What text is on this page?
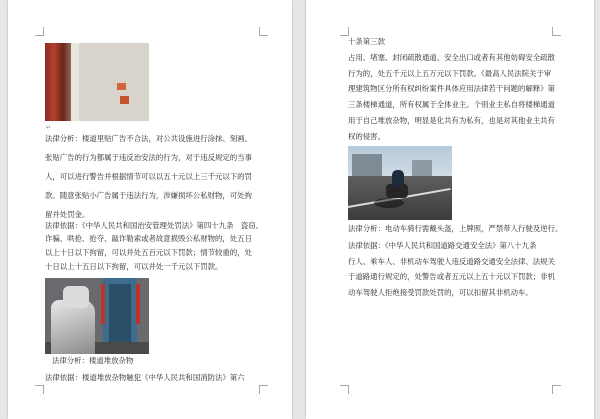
↵
法律分析：楼道里贴广告不合法，对公共设施进行涂抹、刻画、
张贴广告的行为都属于违反治安法的行为，对于违反规定的当事
人，可以进行警告并根据情节可以以五十元以上三千元以下的罚
款。随意张贴小广告属于违法行为，涉嫌损坏公私财物，可处拘
留并处罚金。
法律依据：《中华人民共和国治安管理处罚法》第四十九条　盗窃、
诈骗、哄抢、抢夺、敲诈勒索或者故意损毁公私财物的，处五日
以上十日以下拘留，可以并处五百元以下罚款；情节较重的，处
十日以上十五日以下拘留，可以并处一千元以下罚款。
法律分析：楼道堆放杂物
法律依据：楼道堆放杂物触犯《中华人民共和国消防法》第六
十条第三款
占用、堵塞、封闭疏散通道、安全出口或者有其他妨碍安全疏散
行为的，处五千元以上五万元以下罚款。《最高人民法院关于审
理建筑物区分所有权纠纷案件具体应用法律若干问题的解释》第
三条楼梯通道，所有权属于全体业主。个别业主私自将楼梯通道
用于自己堆放杂物，明显是化共有为私有，也是对其他业主共有
权的侵害。
法律分析：电动车骑行需戴头盔，上牌照，严禁带人行驶及逆行。
法律依据：《中华人民共和国道路交通安全法》第八十九条
行人、乘车人、非机动车驾驶人违反道路交通安全法律、法规关
于道路通行规定的，处警告或者五元以上五十元以下罚款；非机
动车驾驶人拒绝接受罚款处罚的，可以扣留其非机动车。
